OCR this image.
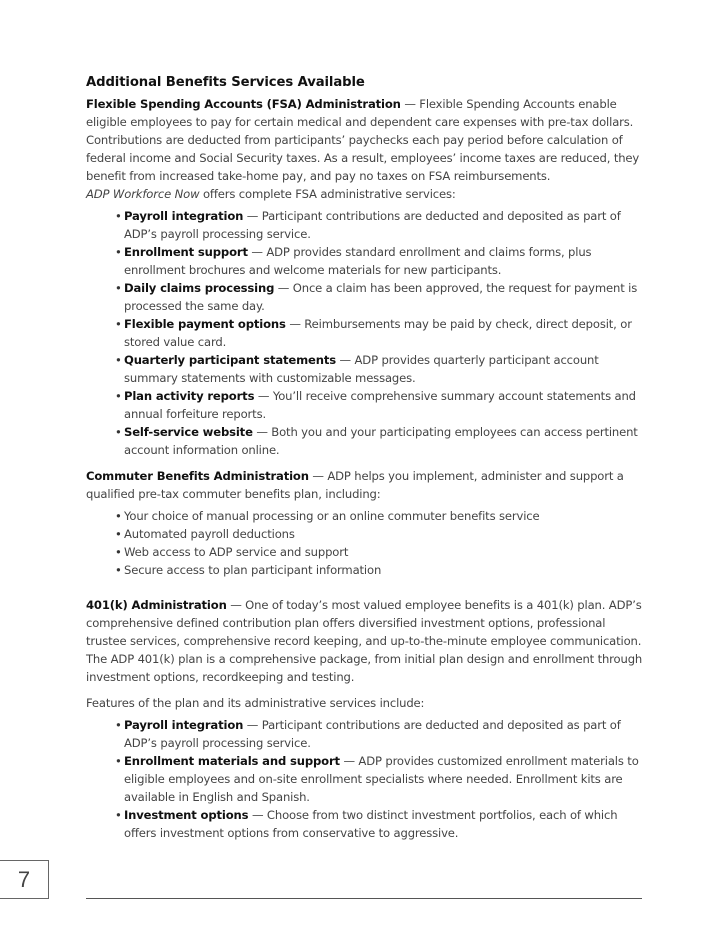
Additional Benefits Services Available

Flexible Spending Accounts (FSA) Administration — Flexible Spending Accounts enable eligible employees to pay for certain medical and dependent care expenses with pre-tax dollars. Contributions are deducted from participants’ paychecks each pay period before calculation of federal income and Social Security taxes. As a result, employees’ income taxes are reduced, they benefit from increased take-home pay, and pay no taxes on FSA reimbursements.
ADP Workforce Now offers complete FSA administrative services:

• Payroll integration — Participant contributions are deducted and deposited as part of ADP’s payroll processing service.
• Enrollment support — ADP provides standard enrollment and claims forms, plus enrollment brochures and welcome materials for new participants.
• Daily claims processing — Once a claim has been approved, the request for payment is processed the same day.
• Flexible payment options — Reimbursements may be paid by check, direct deposit, or stored value card.
• Quarterly participant statements — ADP provides quarterly participant account summary statements with customizable messages.
• Plan activity reports — You’ll receive comprehensive summary account statements and annual forfeiture reports.
• Self-service website — Both you and your participating employees can access pertinent account information online.

Commuter Benefits Administration — ADP helps you implement, administer and support a qualified pre-tax commuter benefits plan, including:

• Your choice of manual processing or an online commuter benefits service
• Automated payroll deductions
• Web access to ADP service and support
• Secure access to plan participant information

401(k) Administration — One of today’s most valued employee benefits is a 401(k) plan. ADP’s comprehensive defined contribution plan offers diversified investment options, professional trustee services, comprehensive record keeping, and up-to-the-minute employee communication. The ADP 401(k) plan is a comprehensive package, from initial plan design and enrollment through investment options, recordkeeping and testing.

Features of the plan and its administrative services include:

• Payroll integration — Participant contributions are deducted and deposited as part of ADP’s payroll processing service.
• Enrollment materials and support — ADP provides customized enrollment materials to eligible employees and on-site enrollment specialists where needed. Enrollment kits are available in English and Spanish.
• Investment options — Choose from two distinct investment portfolios, each of which offers investment options from conservative to aggressive.
7
